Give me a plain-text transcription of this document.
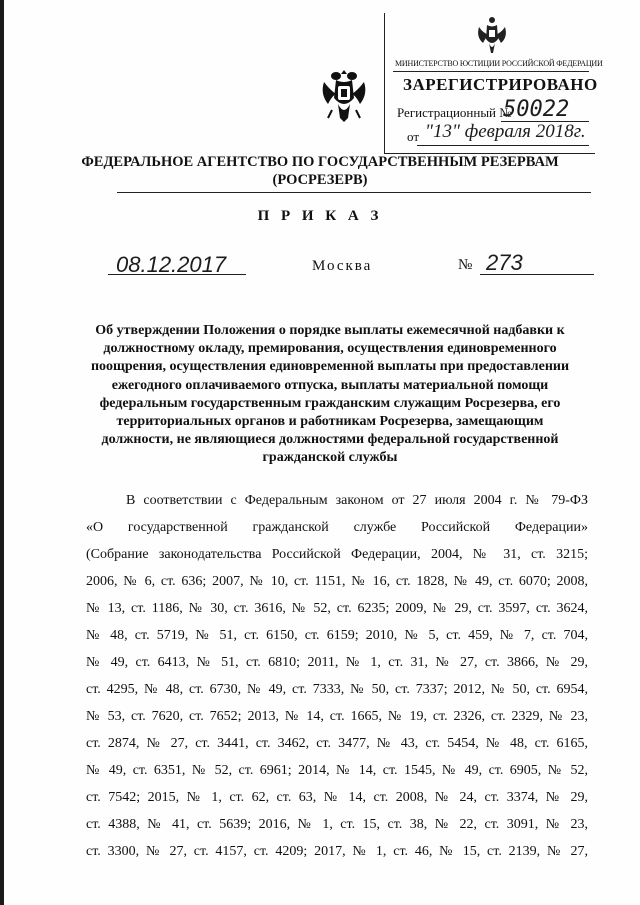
МИНИСТЕРСТВО ЮСТИЦИИ РОССИЙСКОЙ ФЕДЕРАЦИИ
ЗАРЕГИСТРИРОВАНО
Регистрационный №
50022
от "13" февраля 2018г.
ФЕДЕРАЛЬНОЕ АГЕНТСТВО ПО ГОСУДАРСТВЕННЫМ РЕЗЕРВАМ
(РОСРЕЗЕРВ)
П Р И К А З
08.12.2017	Москва	№ 273
Об утверждении Положения о порядке выплаты ежемесячной надбавки к должностному окладу, премирования, осуществления единовременного поощрения, осуществления единовременной выплаты при предоставлении ежегодного оплачиваемого отпуска, выплаты материальной помощи федеральным государственным гражданским служащим Росрезерва, его территориальных органов и работникам Росрезерва, замещающим должности, не являющиеся должностями федеральной государственной гражданской службы
В соответствии с Федеральным законом от 27 июля 2004 г. № 79-ФЗ
«О государственной гражданской службе Российской Федерации»
(Собрание законодательства Российской Федерации, 2004, № 31, ст. 3215;
2006, № 6, ст. 636; 2007, № 10, ст. 1151, № 16, ст. 1828, № 49, ст. 6070; 2008,
№ 13, ст. 1186, № 30, ст. 3616, № 52, ст. 6235; 2009, № 29, ст. 3597, ст. 3624,
№ 48, ст. 5719, № 51, ст. 6150, ст. 6159; 2010, № 5, ст. 459, № 7, ст. 704,
№ 49, ст. 6413, № 51, ст. 6810; 2011, № 1, ст. 31, № 27, ст. 3866, № 29,
ст. 4295, № 48, ст. 6730, № 49, ст. 7333, № 50, ст. 7337; 2012, № 50, ст. 6954,
№ 53, ст. 7620, ст. 7652; 2013, № 14, ст. 1665, № 19, ст. 2326, ст. 2329, № 23,
ст. 2874, № 27, ст. 3441, ст. 3462, ст. 3477, № 43, ст. 5454, № 48, ст. 6165,
№ 49, ст. 6351, № 52, ст. 6961; 2014, № 14, ст. 1545, № 49, ст. 6905, № 52,
ст. 7542; 2015, № 1, ст. 62, ст. 63, № 14, ст. 2008, № 24, ст. 3374, № 29,
ст. 4388, № 41, ст. 5639; 2016, № 1, ст. 15, ст. 38, № 22, ст. 3091, № 23,
ст. 3300, № 27, ст. 4157, ст. 4209; 2017, № 1, ст. 46, № 15, ст. 2139, № 27,
